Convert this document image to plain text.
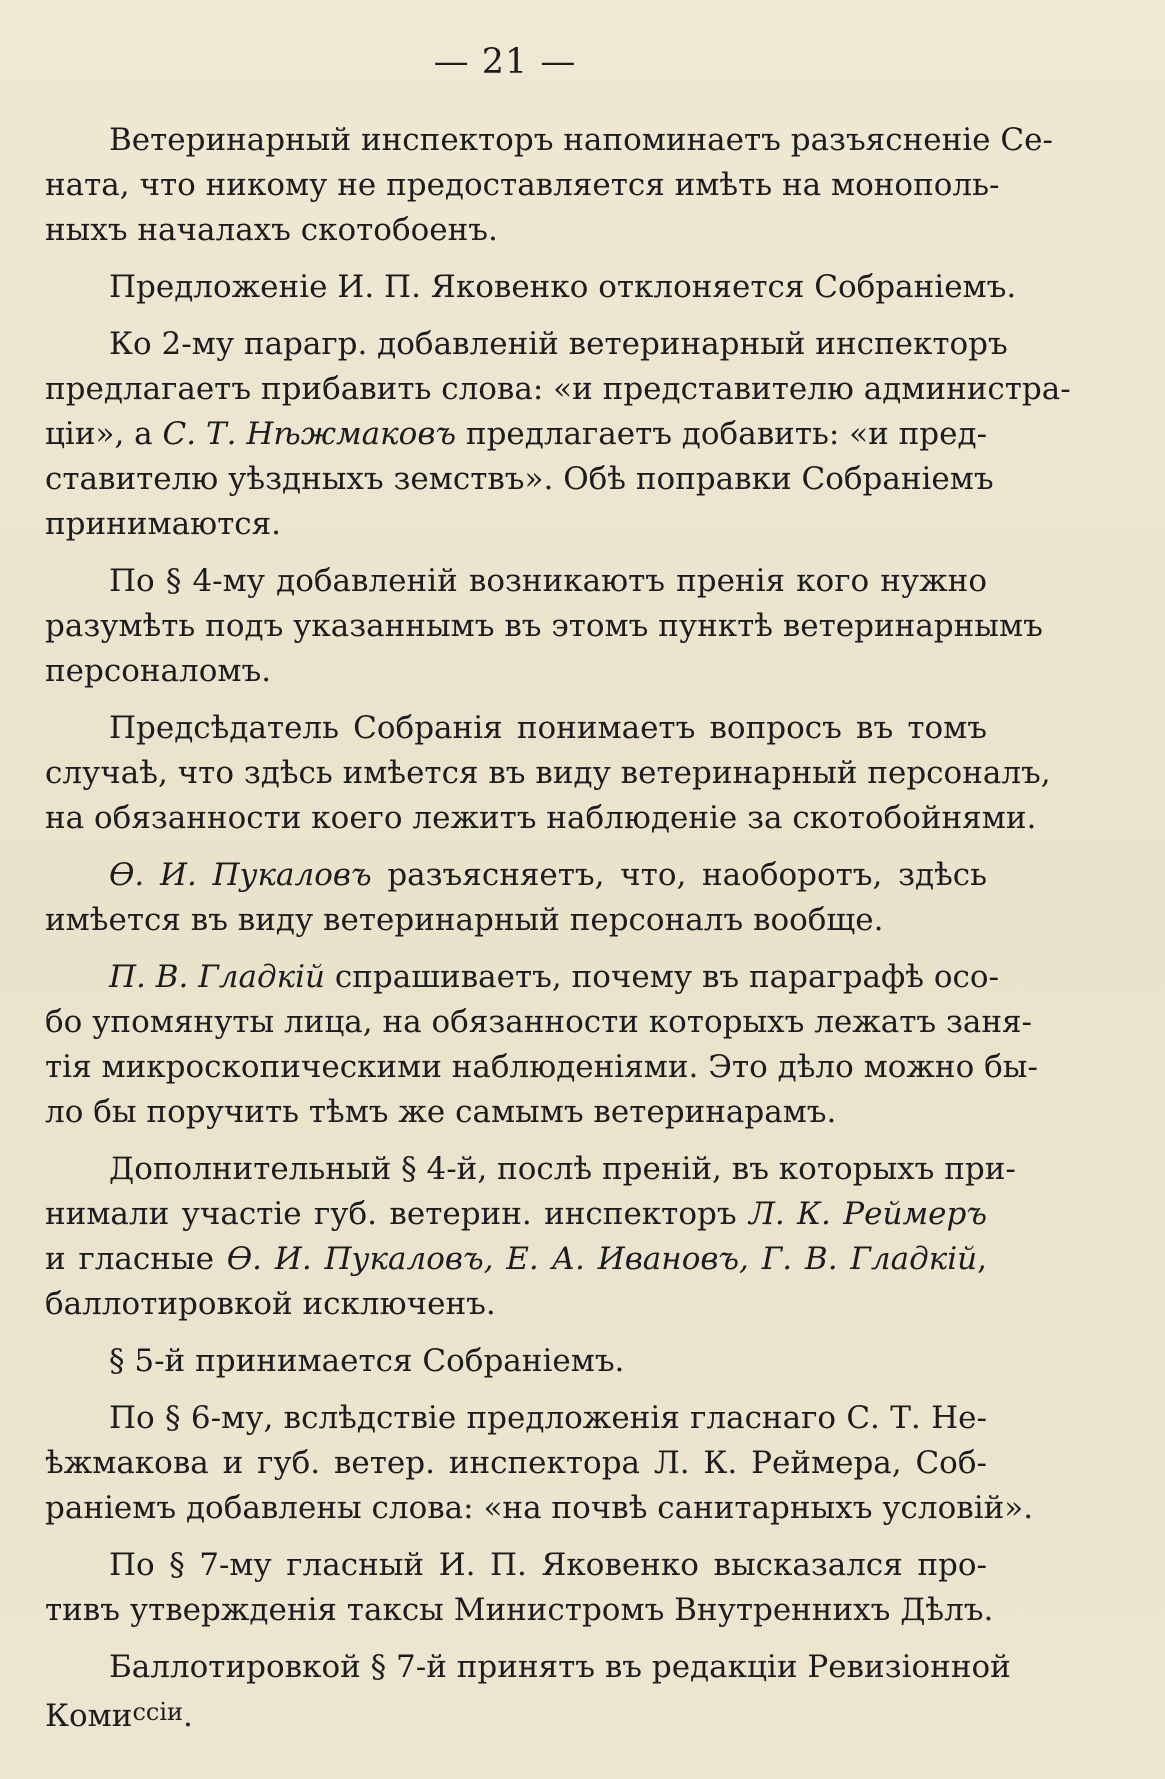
— 21 —
Ветеринарный инспекторъ напоминаетъ разъясненіе Се-
ната, что никому не предоставляется имѣть на монополь-
ныхъ началахъ скотобоенъ.
Предложеніе И. П. Яковенко отклоняется Собраніемъ.
Ко 2-му парагр. добавленій ветеринарный инспекторъ
предлагаетъ прибавить слова: «и представителю администра-
ціи», а С. Т. Нѣжмаковъ предлагаетъ добавить: «и пред-
ставителю уѣздныхъ земствъ». Обѣ поправки Собраніемъ
принимаются.
По § 4-му добавленій возникаютъ пренія кого нужно
разумѣть подъ указаннымъ въ этомъ пунктѣ ветеринарнымъ
персоналомъ.
Предсѣдатель Собранія понимаетъ вопросъ въ томъ
случаѣ, что здѣсь имѣется въ виду ветеринарный персоналъ,
на обязанности коего лежитъ наблюденіе за скотобойнями.
Ѳ. И. Пукаловъ разъясняетъ, что, наоборотъ, здѣсь
имѣется въ виду ветеринарный персоналъ вообще.
П. В. Гладкій спрашиваетъ, почему въ параграфѣ осо-
бо упомянуты лица, на обязанности которыхъ лежатъ заня-
тія микроскопическими наблюденіями. Это дѣло можно бы-
ло бы поручить тѣмъ же самымъ ветеринарамъ.
Дополнительный § 4-й, послѣ преній, въ которыхъ при-
нимали участіе губ. ветерин. инспекторъ Л. К. Реймеръ
и гласные Ѳ. И. Пукаловъ, Е. А. Ивановъ, Г. В. Гладкій,
баллотировкой исключенъ.
§ 5-й принимается Собраніемъ.
По § 6-му, вслѣдствіе предложенія гласнаго С. Т. Не-
ѣжмакова и губ. ветер. инспектора Л. К. Реймера, Соб-
раніемъ добавлены слова: «на почвѣ санитарныхъ условій».
По § 7-му гласный И. П. Яковенко высказался про-
тивъ утвержденія таксы Министромъ Внутреннихъ Дѣлъ.
Баллотировкой § 7-й принятъ въ редакціи Ревизіонной
Коми$^{ссіи}$.
